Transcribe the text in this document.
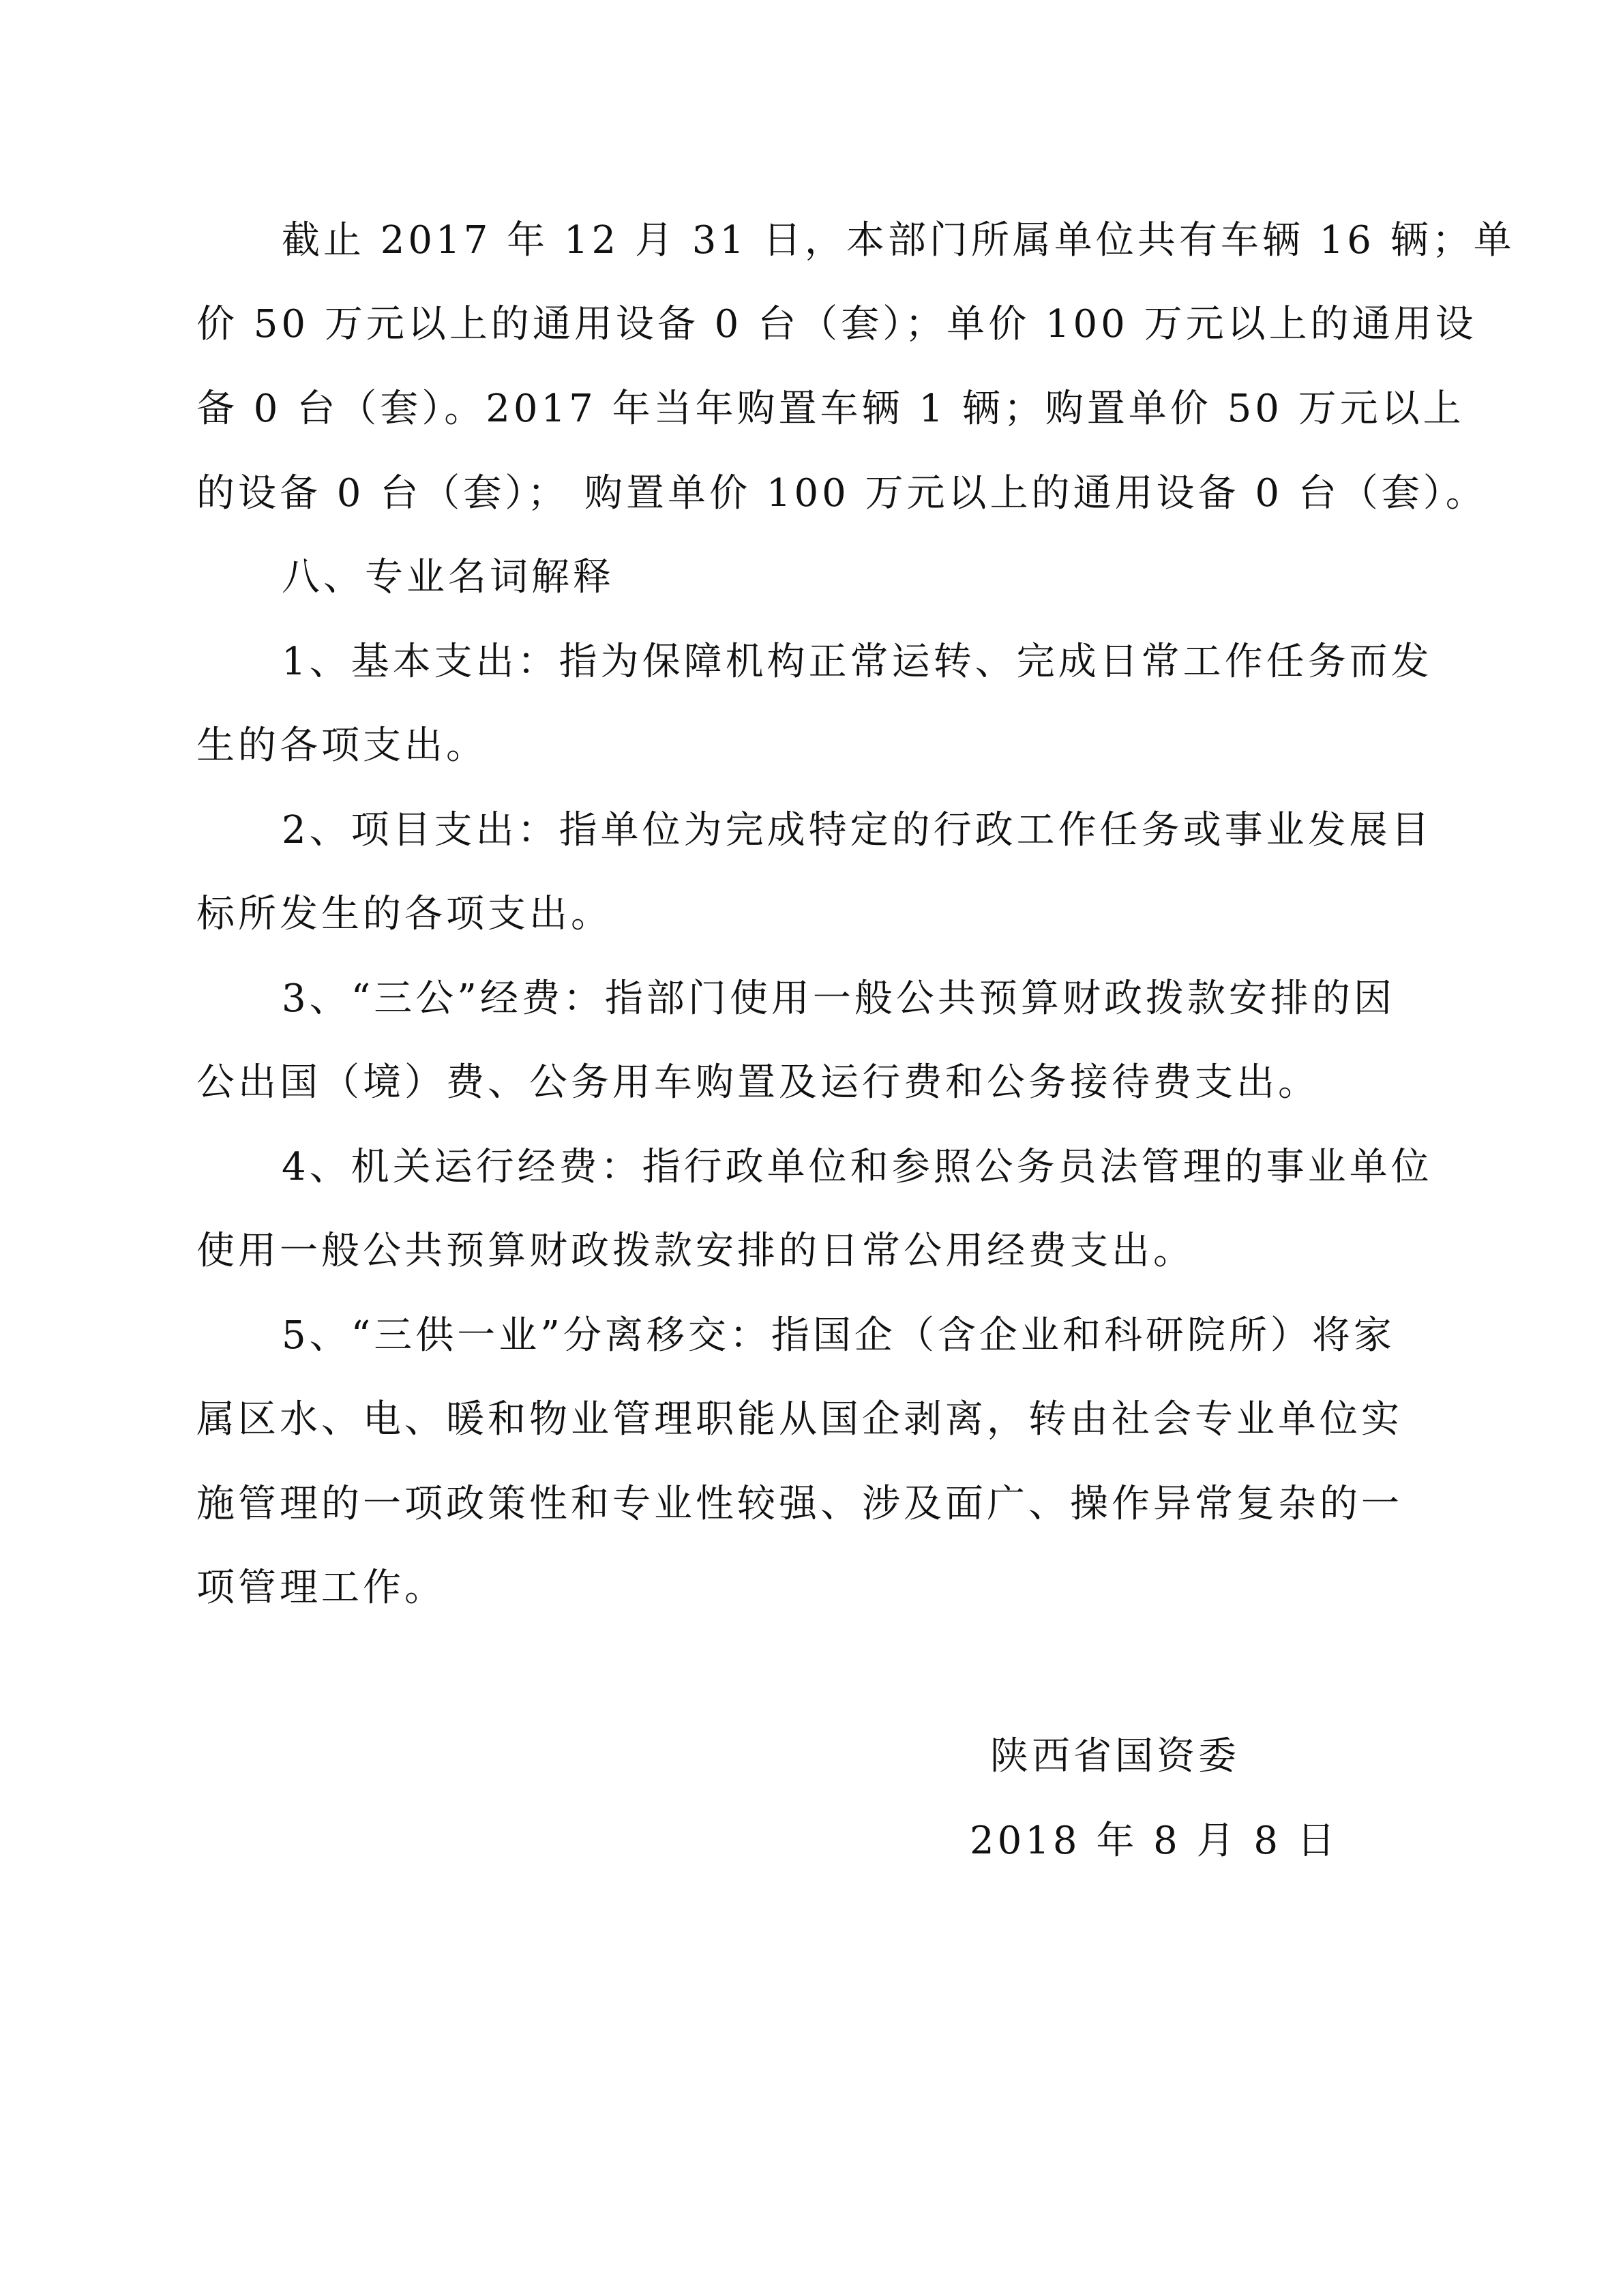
截止 2017 年 12 月 31 日，本部门所属单位共有车辆 16 辆；单
价 50 万元以上的通用设备 0 台（套）；单价 100 万元以上的通用设
备 0 台（套）。2017 年当年购置车辆 1 辆；购置单价 50 万元以上
的设备 0 台（套）； 购置单价 100 万元以上的通用设备 0 台（套）。
八、专业名词解释
1、基本支出：指为保障机构正常运转、完成日常工作任务而发
生的各项支出。
2、项目支出：指单位为完成特定的行政工作任务或事业发展目
标所发生的各项支出。
3、“三公”经费：指部门使用一般公共预算财政拨款安排的因
公出国（境）费、公务用车购置及运行费和公务接待费支出。
4、机关运行经费：指行政单位和参照公务员法管理的事业单位
使用一般公共预算财政拨款安排的日常公用经费支出。
5、“三供一业”分离移交：指国企（含企业和科研院所）将家
属区水、电、暖和物业管理职能从国企剥离，转由社会专业单位实
施管理的一项政策性和专业性较强、涉及面广、操作异常复杂的一
项管理工作。
陕西省国资委
2018 年 8 月 8 日
